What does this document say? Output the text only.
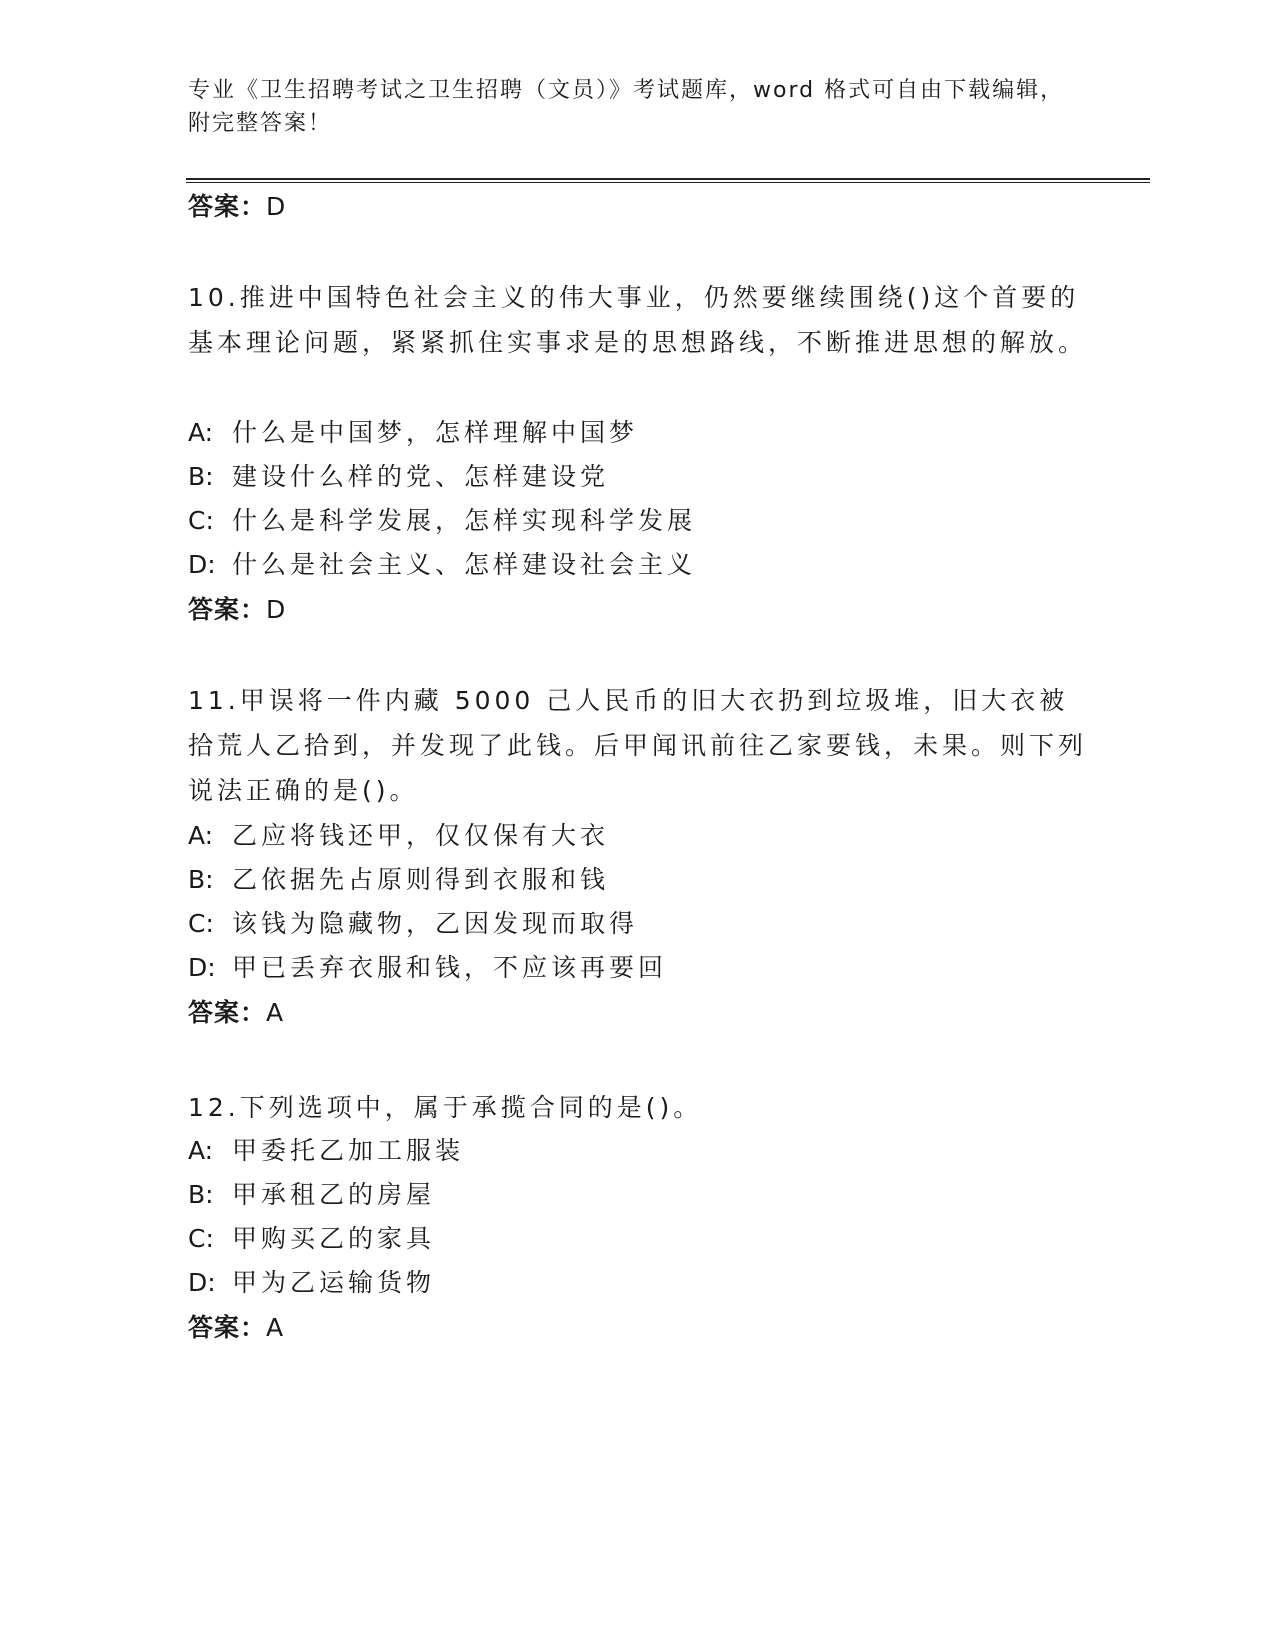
专业《卫生招聘考试之卫生招聘（文员）》考试题库，word 格式可自由下载编辑，附完整答案！
答案：D
10.推进中国特色社会主义的伟大事业，仍然要继续围绕()这个首要的基本理论问题，紧紧抓住实事求是的思想路线，不断推进思想的解放。
A: 什么是中国梦，怎样理解中国梦
B: 建设什么样的党、怎样建设党
C: 什么是科学发展，怎样实现科学发展
D: 什么是社会主义、怎样建设社会主义
答案：D
11.甲误将一件内藏 5000 己人民币的旧大衣扔到垃圾堆，旧大衣被拾荒人乙拾到，并发现了此钱。后甲闻讯前往乙家要钱，未果。则下列说法正确的是()。
A: 乙应将钱还甲，仅仅保有大衣
B: 乙依据先占原则得到衣服和钱
C: 该钱为隐藏物，乙因发现而取得
D: 甲已丢弃衣服和钱，不应该再要回
答案：A
12.下列选项中，属于承揽合同的是()。
A: 甲委托乙加工服装
B: 甲承租乙的房屋
C: 甲购买乙的家具
D: 甲为乙运输货物
答案：A
